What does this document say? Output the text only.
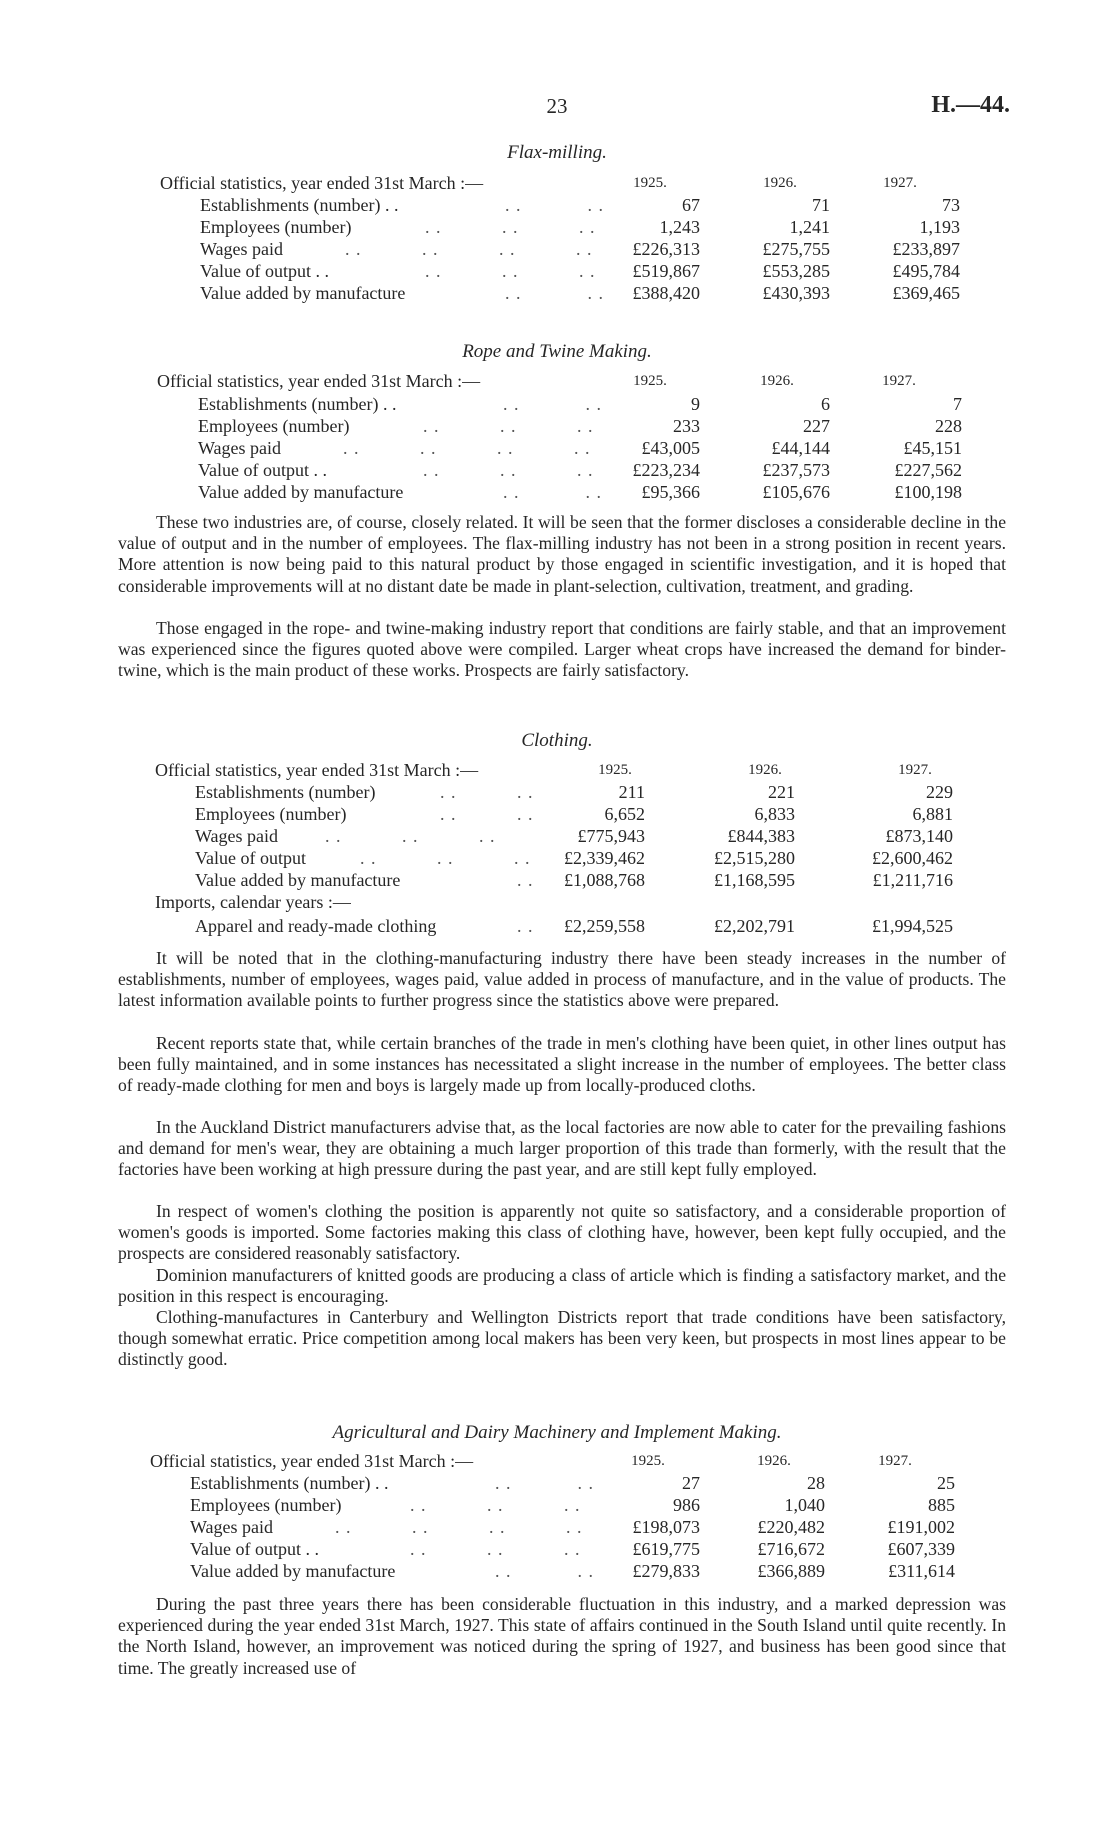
23	H.—44.
Flax-milling.
Official statistics, year ended 31st March :—	1925.	1926.	1927.
Establishments (number) . .	. .            . .	67	71	73
Employees (number)	. .           . .           . .	1,243	1,241	1,193
Wages paid	. .           . .           . .           . .	£226,313	£275,755	£233,897
Value of output . .	. .           . .           . .	£519,867	£553,285	£495,784
Value added by manufacture	. .            . .	£388,420	£430,393	£369,465
Rope and Twine Making.
Official statistics, year ended 31st March :—	1925.	1926.	1927.
Establishments (number) . .	. .            . .	9	6	7
Employees (number)	. .           . .           . .	233	227	228
Wages paid	. .           . .           . .           . .	£43,005	£44,144	£45,151
Value of output . .	. .           . .           . .	£223,234	£237,573	£227,562
Value added by manufacture	. .            . .	£95,366	£105,676	£100,198

These two industries are, of course, closely related. It will be seen that the former discloses a considerable decline in the value of output and in the number of employees. The flax-milling industry has not been in a strong position in recent years. More attention is now being paid to this natural product by those engaged in scientific investigation, and it is hoped that considerable improvements will at no distant date be made in plant-selection, cultivation, treatment, and grading.

Those engaged in the rope- and twine-making industry report that conditions are fairly stable, and that an improvement was experienced since the figures quoted above were compiled. Larger wheat crops have increased the demand for binder-twine, which is the main product of these works. Prospects are fairly satisfactory.

Clothing.
Official statistics, year ended 31st March :—	1925.	1926.	1927.
Establishments (number)	. .           . .	211	221	229
Employees (number)	. .           . .	6,652	6,833	6,881
Wages paid	. .           . .           . .	£775,943	£844,383	£873,140
Value of output	. .           . .           . .	£2,339,462	£2,515,280	£2,600,462
Value added by manufacture	. .	£1,088,768	£1,168,595	£1,211,716
Imports, calendar years :—
Apparel and ready-made clothing	. .	£2,259,558	£2,202,791	£1,994,525

It will be noted that in the clothing-manufacturing industry there have been steady increases in the number of establishments, number of employees, wages paid, value added in process of manufacture, and in the value of products. The latest information available points to further progress since the statistics above were prepared.

Recent reports state that, while certain branches of the trade in men's clothing have been quiet, in other lines output has been fully maintained, and in some instances has necessitated a slight increase in the number of employees. The better class of ready-made clothing for men and boys is largely made up from locally-produced cloths.

In the Auckland District manufacturers advise that, as the local factories are now able to cater for the prevailing fashions and demand for men's wear, they are obtaining a much larger proportion of this trade than formerly, with the result that the factories have been working at high pressure during the past year, and are still kept fully employed.

In respect of women's clothing the position is apparently not quite so satisfactory, and a considerable proportion of women's goods is imported. Some factories making this class of clothing have, however, been kept fully occupied, and the prospects are considered reasonably satisfactory.

Dominion manufacturers of knitted goods are producing a class of article which is finding a satisfactory market, and the position in this respect is encouraging.

Clothing-manufactures in Canterbury and Wellington Districts report that trade conditions have been satisfactory, though somewhat erratic. Price competition among local makers has been very keen, but prospects in most lines appear to be distinctly good.

Agricultural and Dairy Machinery and Implement Making.
Official statistics, year ended 31st March :—	1925.	1926.	1927.
Establishments (number) . .	. .            . .	27	28	25
Employees (number)	. .           . .           . .	986	1,040	885
Wages paid	. .           . .           . .           . .	£198,073	£220,482	£191,002
Value of output . .	. .           . .           . .	£619,775	£716,672	£607,339
Value added by manufacture	. .            . .	£279,833	£366,889	£311,614

During the past three years there has been considerable fluctuation in this industry, and a marked depression was experienced during the year ended 31st March, 1927. This state of affairs continued in the South Island until quite recently. In the North Island, however, an improvement was noticed during the spring of 1927, and business has been good since that time. The greatly increased use of
